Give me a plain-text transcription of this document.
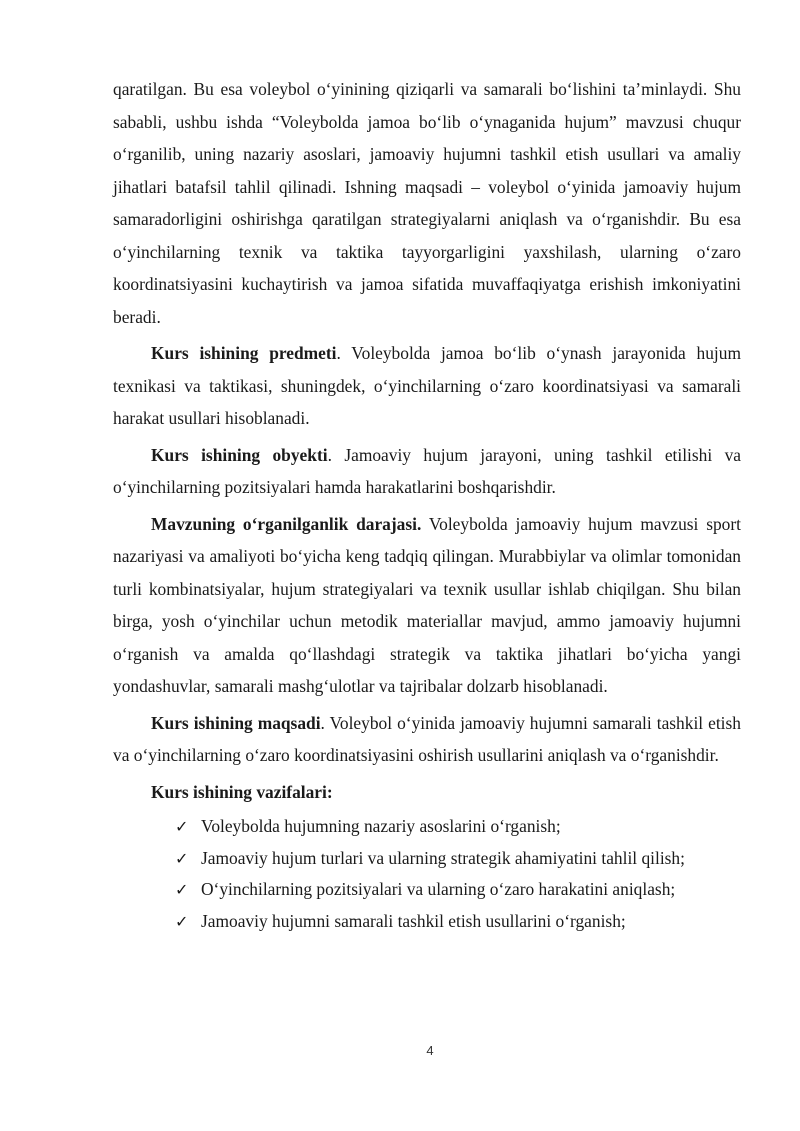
qaratilgan. Bu esa voleybol o‘yinining qiziqarli va samarali bo‘lishini ta’minlaydi. Shu sababli, ushbu ishda “Voleybolda jamoa bo‘lib o‘ynaganida hujum” mavzusi chuqur o‘rganilib, uning nazariy asoslari, jamoaviy hujumni tashkil etish usullari va amaliy jihatlari batafsil tahlil qilinadi. Ishning maqsadi – voleybol o‘yinida jamoaviy hujum samaradorligini oshirishga qaratilgan strategiyalarni aniqlash va o‘rganishdir. Bu esa o‘yinchilarning texnik va taktika tayyorgarligini yaxshilash, ularning o‘zaro koordinatsiyasini kuchaytirish va jamoa sifatida muvaffaqiyatga erishish imkoniyatini beradi.

Kurs ishining predmeti. Voleybolda jamoa bo‘lib o‘ynash jarayonida hujum texnikasi va taktikasi, shuningdek, o‘yinchilarning o‘zaro koordinatsiyasi va samarali harakat usullari hisoblanadi.

Kurs ishining obyekti. Jamoaviy hujum jarayoni, uning tashkil etilishi va o‘yinchilarning pozitsiyalari hamda harakatlarini boshqarishdir.

Mavzuning o‘rganilganlik darajasi. Voleybolda jamoaviy hujum mavzusi sport nazariyasi va amaliyoti bo‘yicha keng tadqiq qilingan. Murabbiylar va olimlar tomonidan turli kombinatsiyalar, hujum strategiyalari va texnik usullar ishlab chiqilgan. Shu bilan birga, yosh o‘yinchilar uchun metodik materiallar mavjud, ammo jamoaviy hujumni o‘rganish va amalda qo‘llashdagi strategik va taktika jihatlari bo‘yicha yangi yondashuvlar, samarali mashg‘ulotlar va tajribalar dolzarb hisoblanadi.

Kurs ishining maqsadi. Voleybol o‘yinida jamoaviy hujumni samarali tashkil etish va o‘yinchilarning o‘zaro koordinatsiyasini oshirish usullarini aniqlash va o‘rganishdir.

Kurs ishining vazifalari:

✓ Voleybolda hujumning nazariy asoslarini o‘rganish;
✓ Jamoaviy hujum turlari va ularning strategik ahamiyatini tahlil qilish;
✓ O‘yinchilarning pozitsiyalari va ularning o‘zaro harakatini aniqlash;
✓ Jamoaviy hujumni samarali tashkil etish usullarini o‘rganish;
4
